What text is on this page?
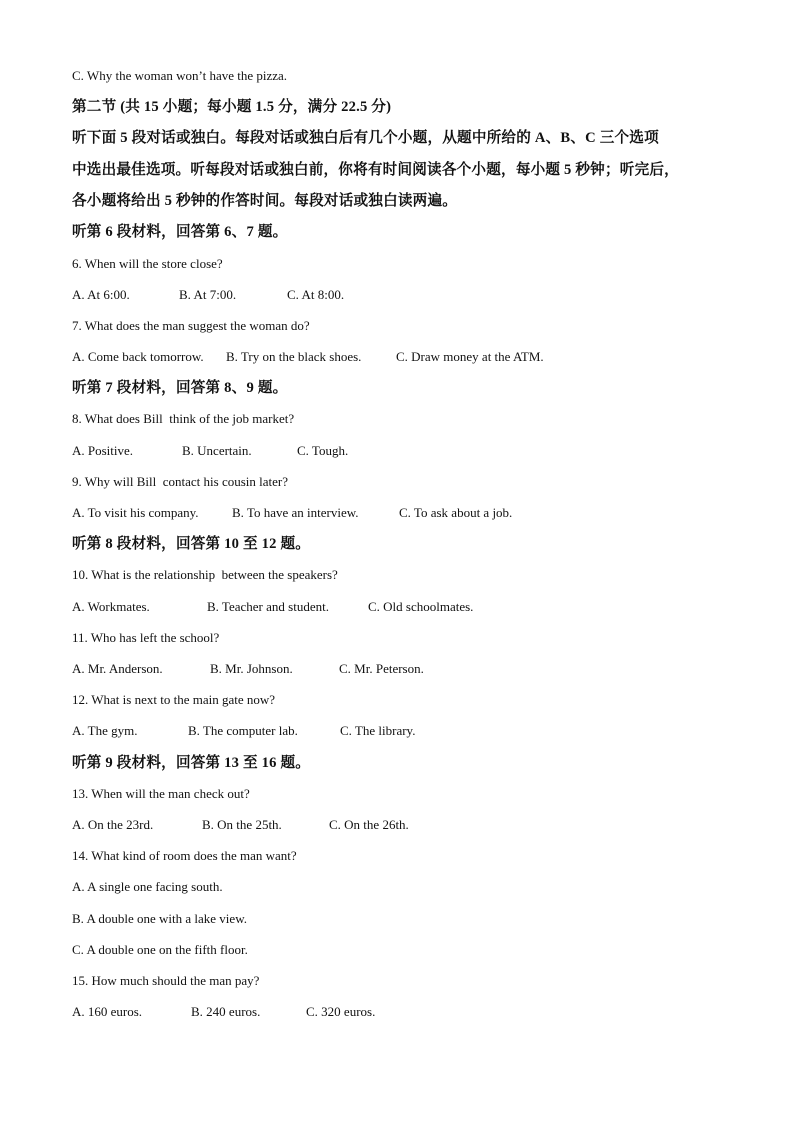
C. Why the woman won’t have the pizza.
第二节 (共 15 小题；每小题 1.5 分，满分 22.5 分)
听下面 5 段对话或独白。每段对话或独白后有几个小题，从题中所给的 A、B、C 三个选项
中选出最佳选项。听每段对话或独白前，你将有时间阅读各个小题，每小题 5 秒钟；听完后，
各小题将给出 5 秒钟的作答时间。每段对话或独白读两遍。
听第 6 段材料，回答第 6、7 题。
6. When will the store close?
A. At 6:00.	B. At 7:00.	C. At 8:00.
7. What does the man suggest the woman do?
A. Come back tomorrow. B. Try on the black shoes.	C. Draw money at the ATM.
听第 7 段材料，回答第 8、9 题。
8. What does Bill  think of the job market?
A. Positive.	B. Uncertain.	C. Tough.
9. Why will Bill  contact his cousin later?
A. To visit his company.	B. To have an interview.	C. To ask about a job.
听第 8 段材料，回答第 10 至 12 题。
10. What is the relationship  between the speakers?
A. Workmates.	B. Teacher and student.	C. Old schoolmates.
11. Who has left the school?
A. Mr. Anderson.	B. Mr. Johnson.	C. Mr. Peterson.
12. What is next to the main gate now?
A. The gym.	B. The computer lab.	C. The library.
听第 9 段材料，回答第 13 至 16 题。
13. When will the man check out?
A. On the 23rd.	B. On the 25th.	C. On the 26th.
14. What kind of room does the man want?
A. A single one facing south.
B. A double one with a lake view.
C. A double one on the fifth floor.
15. How much should the man pay?
A. 160 euros.	B. 240 euros.	C. 320 euros.
